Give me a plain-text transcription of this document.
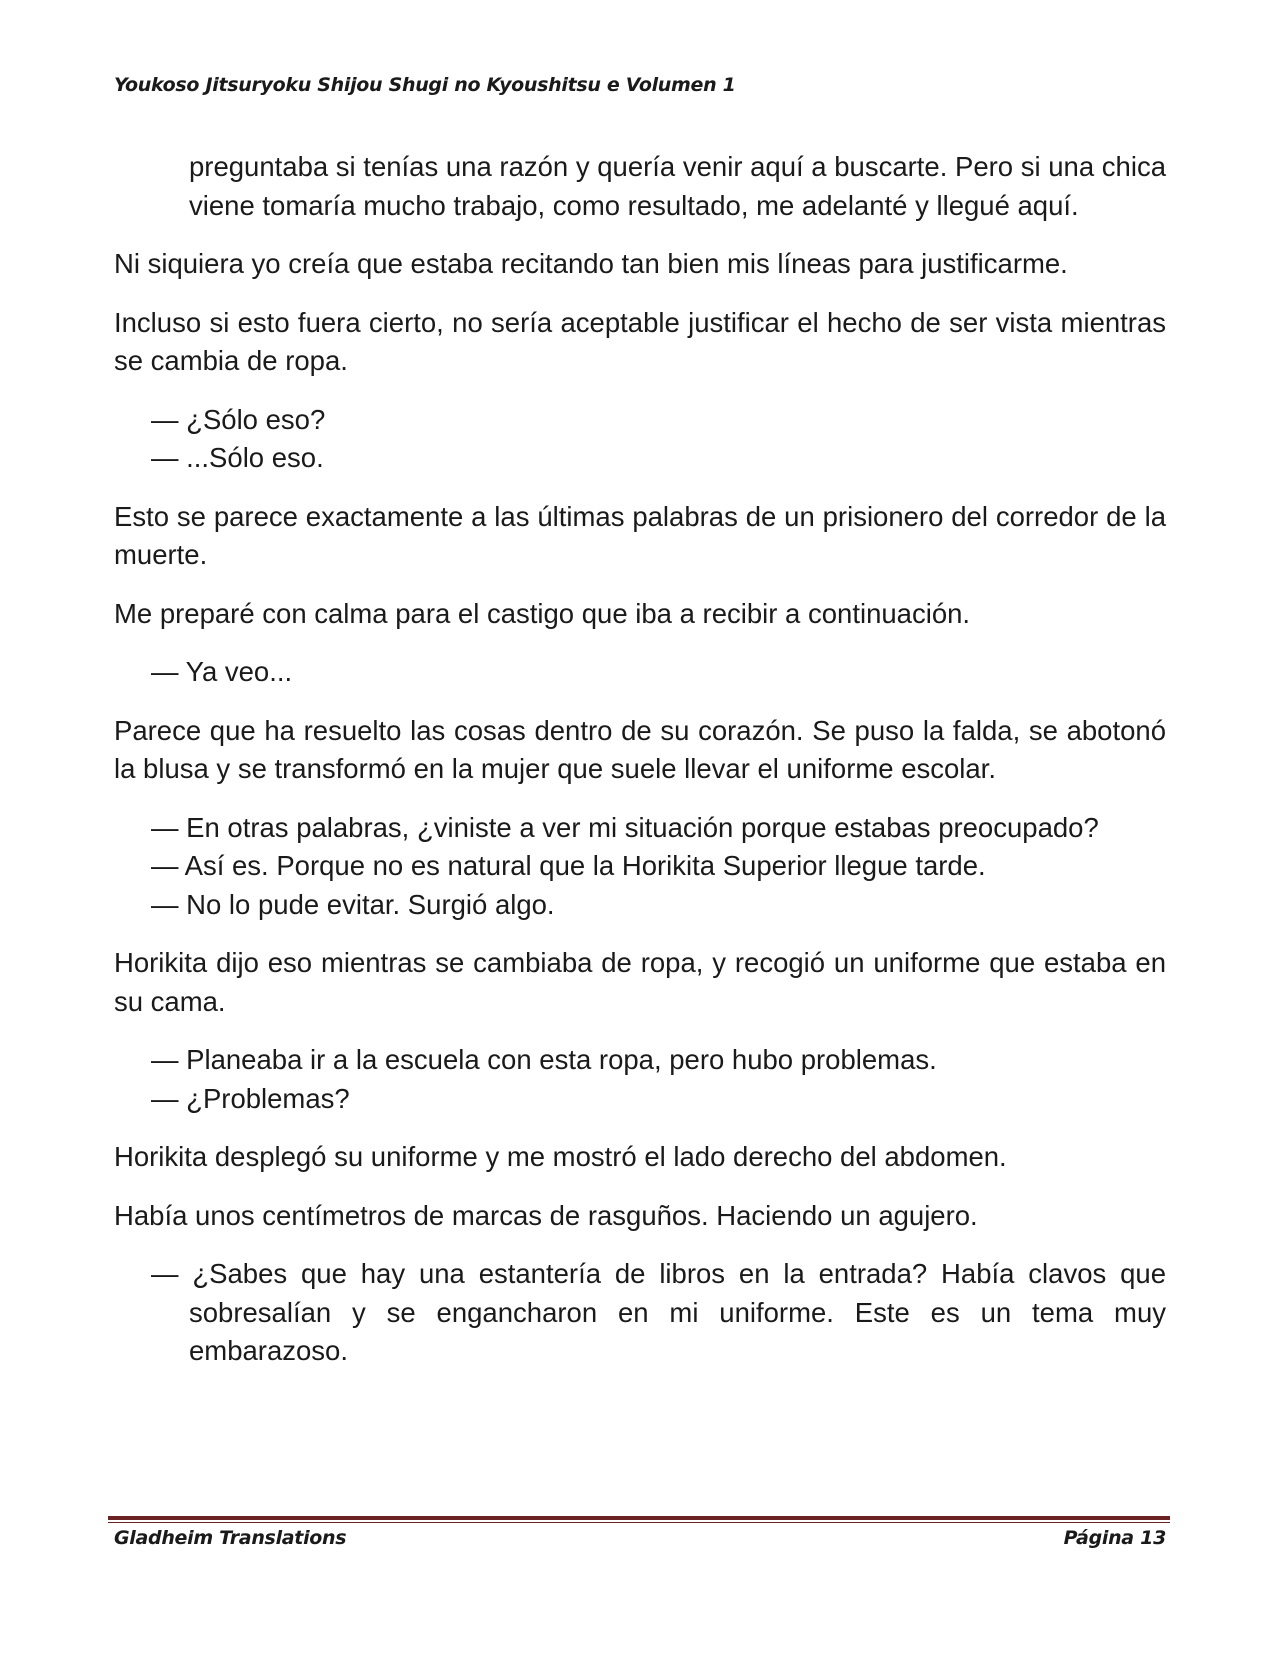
Youkoso Jitsuryoku Shijou Shugi no Kyoushitsu e Volumen 1

preguntaba si tenías una razón y quería venir aquí a buscarte. Pero si una chica viene tomaría mucho trabajo, como resultado, me adelanté y llegué aquí.

Ni siquiera yo creía que estaba recitando tan bien mis líneas para justificarme.

Incluso si esto fuera cierto, no sería aceptable justificar el hecho de ser vista mientras se cambia de ropa.

— ¿Sólo eso?

— ...Sólo eso.

Esto se parece exactamente a las últimas palabras de un prisionero del corredor de la muerte.

Me preparé con calma para el castigo que iba a recibir a continuación.

— Ya veo...

Parece que ha resuelto las cosas dentro de su corazón. Se puso la falda, se abotonó la blusa y se transformó en la mujer que suele llevar el uniforme escolar.

— En otras palabras, ¿viniste a ver mi situación porque estabas preocupado?

— Así es. Porque no es natural que la Horikita Superior llegue tarde.

— No lo pude evitar. Surgió algo.

Horikita dijo eso mientras se cambiaba de ropa, y recogió un uniforme que estaba en su cama.

— Planeaba ir a la escuela con esta ropa, pero hubo problemas.

— ¿Problemas?

Horikita desplegó su uniforme y me mostró el lado derecho del abdomen.

Había unos centímetros de marcas de rasguños. Haciendo un agujero.

— ¿Sabes que hay una estantería de libros en la entrada? Había clavos que sobresalían y se engancharon en mi uniforme. Este es un tema muy embarazoso.

Gladheim Translations	Página 13
